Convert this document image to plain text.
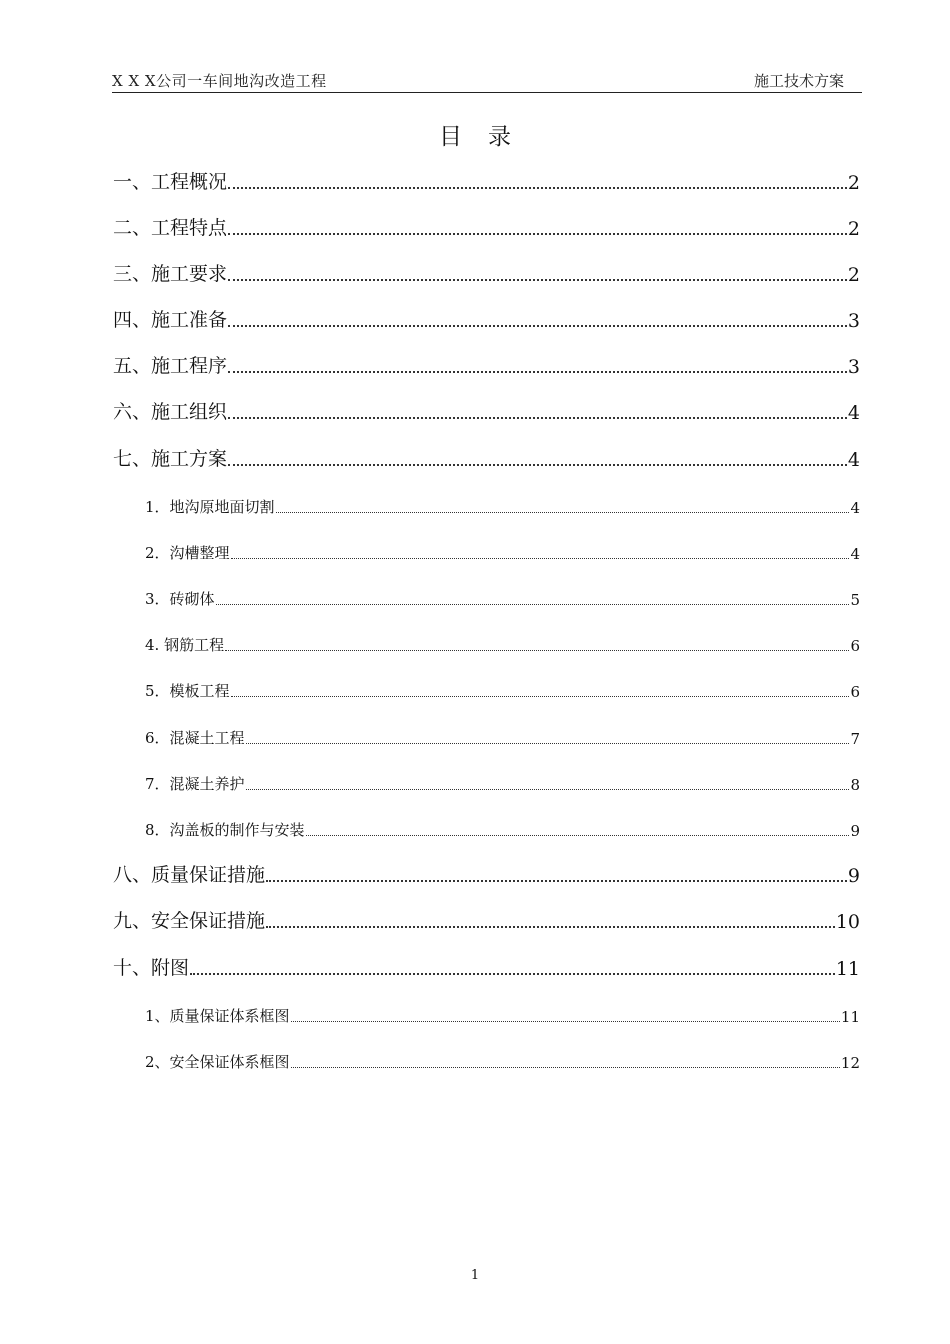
X X X公司一车间地沟改造工程	施工技术方案
目录
一、工程概况	2
二、工程特点	2
三、施工要求	2
四、施工准备	3
五、施工程序	3
六、施工组织	4
七、施工方案	4
1．地沟原地面切割	4
2．沟槽整理	4
3．砖砌体	5
4. 钢筋工程	6
5．模板工程	6
6．混凝土工程	7
7．混凝土养护	8
8．沟盖板的制作与安装	9
八、质量保证措施	9
九、安全保证措施	10
十、附图	11
1、质量保证体系框图	11
2、安全保证体系框图	12
1
